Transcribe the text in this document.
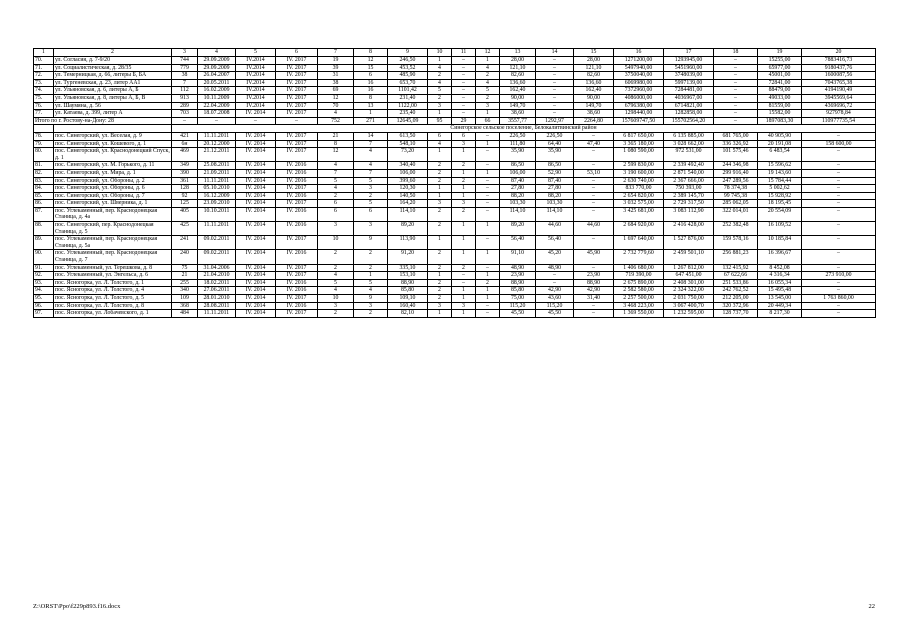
1	2	3	4	5	6	7	8	9	10	11	12	13	14	15	16	17	18	19	20
70.	ул. Согласия, д. 7-9/20	744	29.09.2009	IV.2014	IV. 2017	19	12	246,50	1	–	1	28,00	–	28,00	1271200,00	1293945,00	–	15255,00	7883416,73
71.	ул. Социалистическая, д. 28/35	779	29.09.2009	IV.2014	IV. 2017	39	15	453,52	4	–	4	121,10	–	121,10	5497940,00	5451960,00	–	65977,00	9180437,76
72.	ул. Темерницкая, д. 66, литеры Б, БА	38	26.04.2007	IV.2014	IV. 2017	31	6	485,90	2	–	2	82,60	–	82,60	3750040,00	3748039,00	–	45001,00	1600087,56
73.	ул. Тургеневская, д. 23, литер АА1	7	20.05.2011	IV.2014	IV. 2017	38	16	653,70	4	–	4	136,60	–	136,60	6069980,00	5997139,00	–	72841,00	7043765,38
74.	ул. Ульяновская, д. 6, литеры А, Б	112	16.02.2009	IV.2014	IV. 2017	69	16	1101,42	5	–	5	162,40	–	162,40	7372960,00	7284481,00	–	88479,00	4194190,49
75.	ул. Ульяновская, д. 8, литеры А, Б, В	913	10.11.2009	IV.2014	IV. 2017	12	8	231,40	2	–	2	90,00	–	90,00	4086000,00	4036967,00	–	49033,00	3945569,64
76.	ул. Шаумяна, д. 56	289	22.04.2009	IV.2014	IV. 2017	70	13	1122,00	3	–	3	149,70	–	149,70	6796380,00	6714821,00	–	81559,00	4369696,72
77.	ул. Катаева, д. 399, литер А	703	18.07.2008	IV. 2014	IV. 2017	4	1	235,40	1	–	1	38,60	–	38,60	1298440,00	1282858,00	–	15582,00	927978,84
Итого по г. Ростову-на-Дону: 28		–	–	–	–	752	271	12645,09	95	29	66	3557,77	1292,97	2264,80	157609747,50	155702564,20	–	1897083,30	110977735,54
		Синегорское сельское поселение, Белокалитвинский район																	
78.	пос. Синегорский, ул. Веселая, д. 9	421	11.11.2011	IV. 2014	IV. 2017	21	14	613,50	6	6	–	226,50	226,50	–	6 817 650,00	6 135 885,00	681 765,00	40 905,90	–
79.	пос. Синегорский, ул. Кошевого, д. 1	6н	20.12.2000	IV. 2014	IV. 2017	8	7	548,10	4	3	1	111,80	64,40	47,40	3 365 180,00	3 028 662,00	336 326,92	20 191,08	158 600,00
80.	пос. Синегорский, ул. Краснодонецкий Спуск, д. 1	469	21.12.2011	IV. 2014	IV. 2017	12	4	73,20	1	1	–	35,90	35,90	–	1 080 590,00	972 531,00	101 575,46	6 483,54	–
81.	пос. Синегорский, ул. М. Горького, д. 11	349	25.08.2011	IV. 2014	IV. 2016	4	4	340,40	2	2	–	86,50	86,50	–	2 599 830,00	2 339 492,40	244 346,98	15 596,62	–
82.	пос. Синегорский, ул. Мира, д. 1	390	21.09.2011	IV. 2014	IV. 2016	7	7	106,00	2	1	1	106,00	52,90	53,10	3 190 600,00	2 871 540,00	299 916,40	19 143,60	–
83.	пос. Синегорский, ул. Обороны, д. 2	361	11.11.2011	IV. 2014	IV. 2016	5	5	399,60	2	2	–	87,40	87,40	–	2 630 740,00	2 367 666,00	247 289,56	15 784,44	–
84.	пос. Синегорский, ул. Обороны, д. 6	128	05.10.2010	IV. 2014	IV. 2017	4	3	120,30	1	1	–	27,80	27,80	–	833 770,00	750 393,00	78 374,38	5 002,62	–
85.	пос. Синегорский, ул. Обороны, д. 7	92	16.12.2009	IV. 2014	IV. 2016	2	2	140,50	1	1	–	88,20	88,20	–	2 654 820,00	2 389 145,70	99 745,38	15 928,92	–
86.	пос. Синегорский, ул. Шверника, д. 1	125	23.09.2010	IV. 2014	IV. 2017	6	5	164,20	3	3	–	103,30	103,30	–	3 032 575,00	2 729 317,50	285 062,05	18 195,45	–
87.	пос. Углекаменный, пер. Краснодонецкая Станица, д. 4а	405	10.10.2011	IV. 2014	IV. 2016	6	6	114,10	2	2	–	114,10	114,10	–	3 425 681,00	3 083 112,90	322 014,01	20 554,09	–
88.	пос. Синегорский, пер. Краснодонецкая Станица, д. 5	425	11.11.2011	IV. 2014	IV. 2016	3	3	89,20	2	1	1	89,20	44,60	44,60	2 684 920,00	2 416 428,00	252 382,48	16 109,52	–
89.	пос. Углекаменный, пер. Краснодонецкая Станица, д. 5а	241	09.02.2011	IV. 2014	IV. 2017	10	9	113,90	1	1	–	56,40	56,40	–	1 697 640,00	1 527 876,00	159 578,16	10 185,84	–
90.	пос. Углекаменный, пер. Краснодонецкая Станица, д. 7	240	09.02.2011	IV. 2014	IV. 2016	2	2	91,20	2	1	1	91,10	45,20	45,90	2 732 779,60	2 459 501,10	256 881,23	16 396,67	–
91.	пос. Углекаменный, ул. Терешкова, д. 8	75	31.04.2006	IV. 2014	IV. 2017	2	2	335,10	2	2	–	48,90	48,90	–	1 406 680,00	1 267 812,00	132 415,92	8 452,08	–
92.	пос. Углекаменный, ул. Энгельса, д. 6	21	21.04.2010	IV. 2014	IV. 2017	4	1	153,10	1	–	1	23,90	–	23,90	719 390,00	647 451,00	67 622,66	4 316,34	273 910,00
93.	пос. Ясногорка, ул. Л. Толстого, д. 1	255	18.02.2011	IV. 2014	IV. 2016	5	5	88,90	2	–	2	88,90	–	88,90	2 675 890,00	2 408 301,00	251 533,86	16 055,34	–
94.	пос. Ясногорка, ул. Л. Толстого, д. 4	340	27.06.2011	IV. 2014	IV. 2016	4	4	85,80	2	1	1	85,80	42,90	42,90	2 582 580,00	2 324 322,00	242 762,52	15 495,48	–
95.	пос. Ясногорка, ул. Л. Толстого, д. 5	109	28.01.2010	IV. 2014	IV. 2017	10	9	109,10	2	1	1	75,00	43,60	31,40	2 257 500,00	2 031 750,00	212 205,00	13 545,00	1 763 860,00
96.	пос. Ясногорка, ул. Л. Толстого, д. 8	368	28.08.2011	IV. 2014	IV. 2016	3	3	160,40	3	3	–	115,20	115,20	–	3 468 223,00	3 067 400,70	320 372,96	20 449,34	–
97.	пос. Ясногорка, ул. Лобачевского, д. 1	484	11.11.2011	IV. 2014	IV. 2017	2	2	82,10	1	1	–	45,50	45,50	–	1 369 550,00	1 232 595,00	128 737,70	8 217,30	–
Z:\ORST\Ppo\f229p893.f16.docx	22
